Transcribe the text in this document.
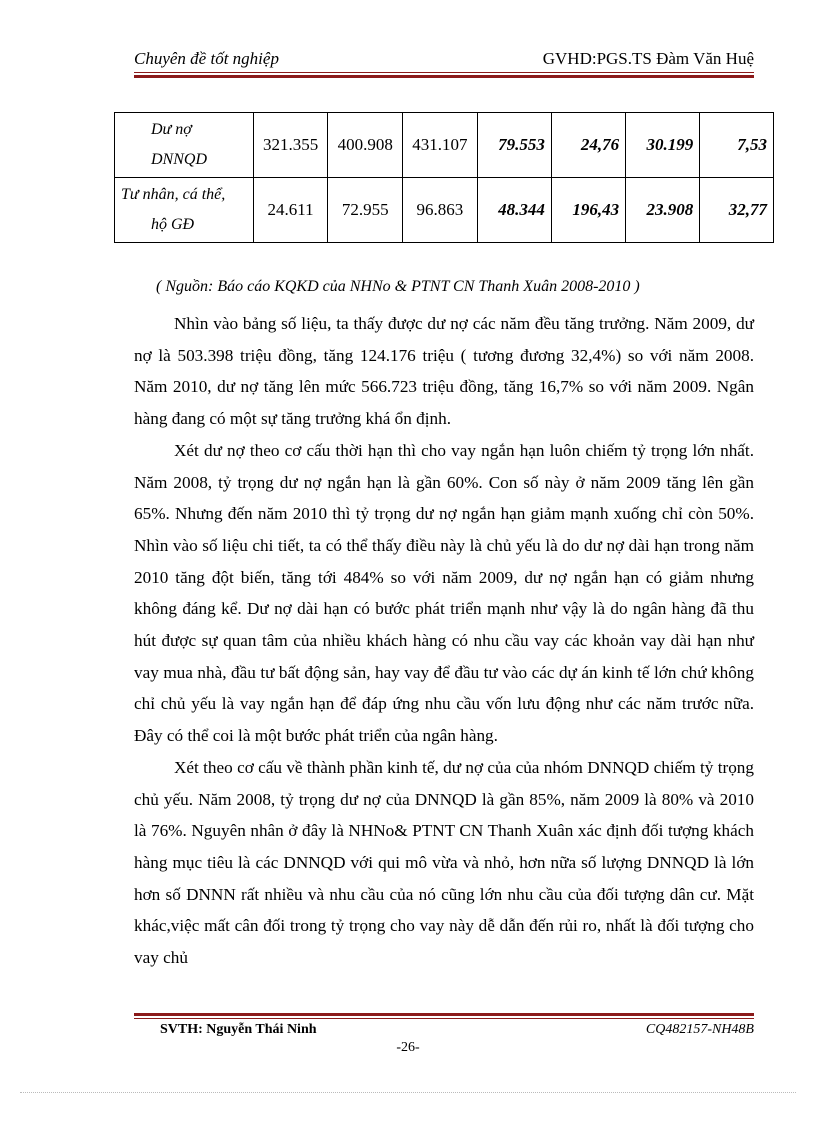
Chuyên đề tốt nghiệp	GVHD:PGS.TS Đàm Văn Huệ
Dư nợ
DNNQD	321.355	400.908	431.107	79.553	24,76	30.199	7,53

Tư nhân, cá thể,
hộ GĐ	24.611	72.955	96.863	48.344	196,43	23.908	32,77
( Nguồn: Báo cáo KQKD của NHNo & PTNT CN Thanh Xuân 2008-2010 )

Nhìn vào bảng số liệu, ta thấy được dư nợ các năm đều tăng trưởng. Năm 2009, dư nợ là 503.398 triệu đồng, tăng 124.176 triệu ( tương đương 32,4%) so với năm 2008. Năm 2010, dư nợ tăng lên mức 566.723 triệu đồng, tăng 16,7% so với năm 2009. Ngân hàng đang có một sự tăng trưởng khá ổn định.

Xét dư nợ theo cơ cấu thời hạn thì cho vay ngắn hạn luôn chiếm tỷ trọng lớn nhất. Năm 2008, tỷ trọng dư nợ ngắn hạn là gần 60%. Con số này ở năm 2009 tăng lên gần 65%. Nhưng đến năm 2010 thì tỷ trọng dư nợ ngắn hạn giảm mạnh xuống chỉ còn 50%. Nhìn vào số liệu chi tiết, ta có thể thấy điều này là chủ yếu là do dư nợ dài hạn trong năm 2010 tăng đột biến, tăng tới 484% so với năm 2009, dư nợ ngắn hạn có giảm nhưng không đáng kể. Dư nợ dài hạn có bước phát triển mạnh như vậy là do ngân hàng đã thu hút được sự quan tâm của nhiều khách hàng có nhu cầu vay các khoản vay dài hạn như vay mua nhà, đầu tư bất động sản, hay vay để đầu tư vào các dự án kinh tế lớn chứ không chỉ chủ yếu là vay ngắn hạn để đáp ứng nhu cầu vốn lưu động như các năm trước nữa. Đây có thể coi là một bước phát triển của ngân hàng.

Xét theo cơ cấu về thành phần kinh tế, dư nợ của của nhóm DNNQD chiếm tỷ trọng chủ yếu. Năm 2008, tỷ trọng dư nợ của DNNQD là gần 85%, năm 2009 là 80% và 2010 là 76%. Nguyên nhân ở đây là NHNo& PTNT CN Thanh Xuân xác định đối tượng khách hàng mục tiêu là các DNNQD với qui mô vừa và nhỏ, hơn nữa số lượng DNNQD là lớn hơn số DNNN rất nhiều và nhu cầu của nó cũng lớn nhu cầu của đối tượng dân cư. Mặt khác,việc mất cân đối trong tỷ trọng cho vay này dễ dẫn đến rủi ro, nhất là đối tượng cho vay chủ

SVTH: Nguyễn Thái Ninh	CQ482157-NH48B
-26-
